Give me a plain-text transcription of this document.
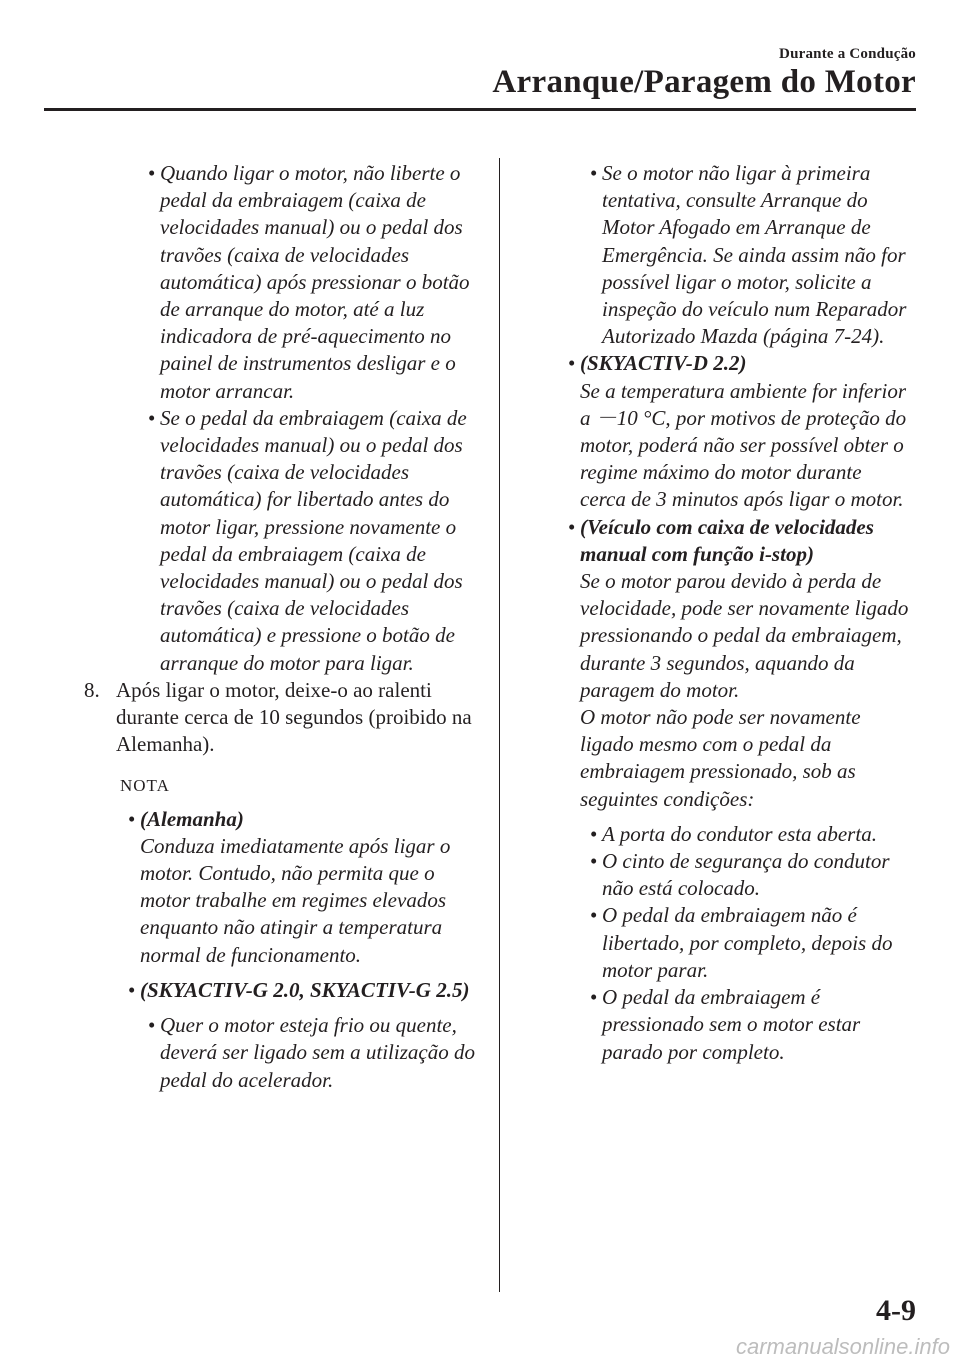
Durante a Condução
Arranque/Paragem do Motor
• Quando ligar o motor, não liberte o pedal da embraiagem (caixa de velocidades manual) ou o pedal dos travões (caixa de velocidades automática) após pressionar o botão de arranque do motor, até a luz indicadora de pré-aquecimento no painel de instrumentos desligar e o motor arrancar.
• Se o pedal da embraiagem (caixa de velocidades manual) ou o pedal dos travões (caixa de velocidades automática) for libertado antes do motor ligar, pressione novamente o pedal da embraiagem (caixa de velocidades manual) ou o pedal dos travões (caixa de velocidades automática) e pressione o botão de arranque do motor para ligar.
8. Após ligar o motor, deixe-o ao ralenti durante cerca de 10 segundos (proibido na Alemanha).
NOTA
• (Alemanha)
Conduza imediatamente após ligar o motor. Contudo, não permita que o motor trabalhe em regimes elevados enquanto não atingir a temperatura normal de funcionamento.
• (SKYACTIV-G 2.0, SKYACTIV-G 2.5)
• Quer o motor esteja frio ou quente, deverá ser ligado sem a utilização do pedal do acelerador.
• Se o motor não ligar à primeira tentativa, consulte Arranque do Motor Afogado em Arranque de Emergência. Se ainda assim não for possível ligar o motor, solicite a inspeção do veículo num Reparador Autorizado Mazda (página 7-24).
• (SKYACTIV-D 2.2)
Se a temperatura ambiente for inferior a －10 °C, por motivos de proteção do motor, poderá não ser possível obter o regime máximo do motor durante cerca de 3 minutos após ligar o motor.
• (Veículo com caixa de velocidades manual com função i-stop)
Se o motor parou devido à perda de velocidade, pode ser novamente ligado pressionando o pedal da embraiagem, durante 3 segundos, aquando da paragem do motor.
O motor não pode ser novamente ligado mesmo com o pedal da embraiagem pressionado, sob as seguintes condições:
• A porta do condutor esta aberta.
• O cinto de segurança do condutor não está colocado.
• O pedal da embraiagem não é libertado, por completo, depois do motor parar.
• O pedal da embraiagem é pressionado sem o motor estar parado por completo.
4-9
carmanualsonline.info
